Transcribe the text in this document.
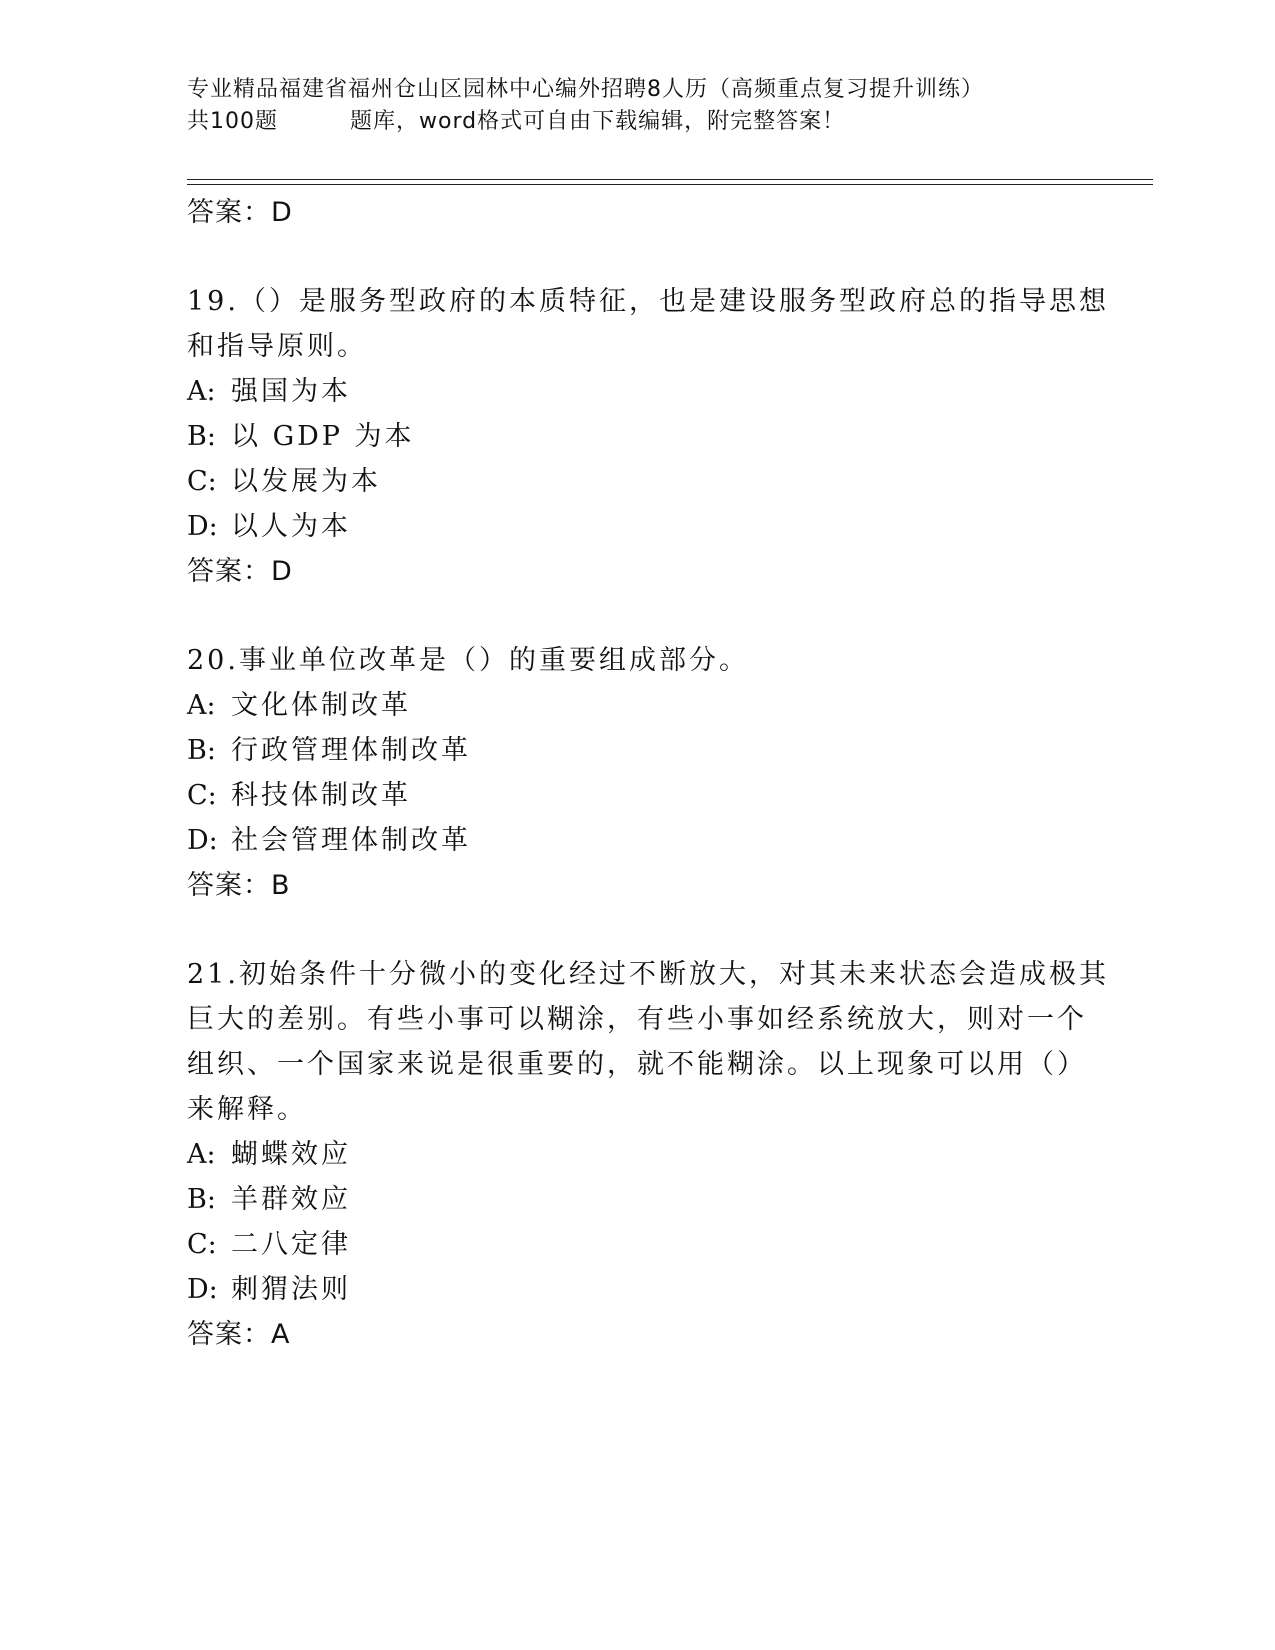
专业精品福建省福州仓山区园林中心编外招聘8人历（高频重点复习提升训练）
共100题	题库，word格式可自由下载编辑，附完整答案！
答案：D
19.（）是服务型政府的本质特征，也是建设服务型政府总的指导思想
和指导原则。
A: 强国为本
B: 以 GDP 为本
C: 以发展为本
D: 以人为本
答案：D
20.事业单位改革是（）的重要组成部分。
A: 文化体制改革
B: 行政管理体制改革
C: 科技体制改革
D: 社会管理体制改革
答案：B
21.初始条件十分微小的变化经过不断放大，对其未来状态会造成极其
巨大的差别。有些小事可以糊涂，有些小事如经系统放大，则对一个
组织、一个国家来说是很重要的，就不能糊涂。以上现象可以用（）
来解释。
A: 蝴蝶效应
B: 羊群效应
C: 二八定律
D: 刺猬法则
答案：A
